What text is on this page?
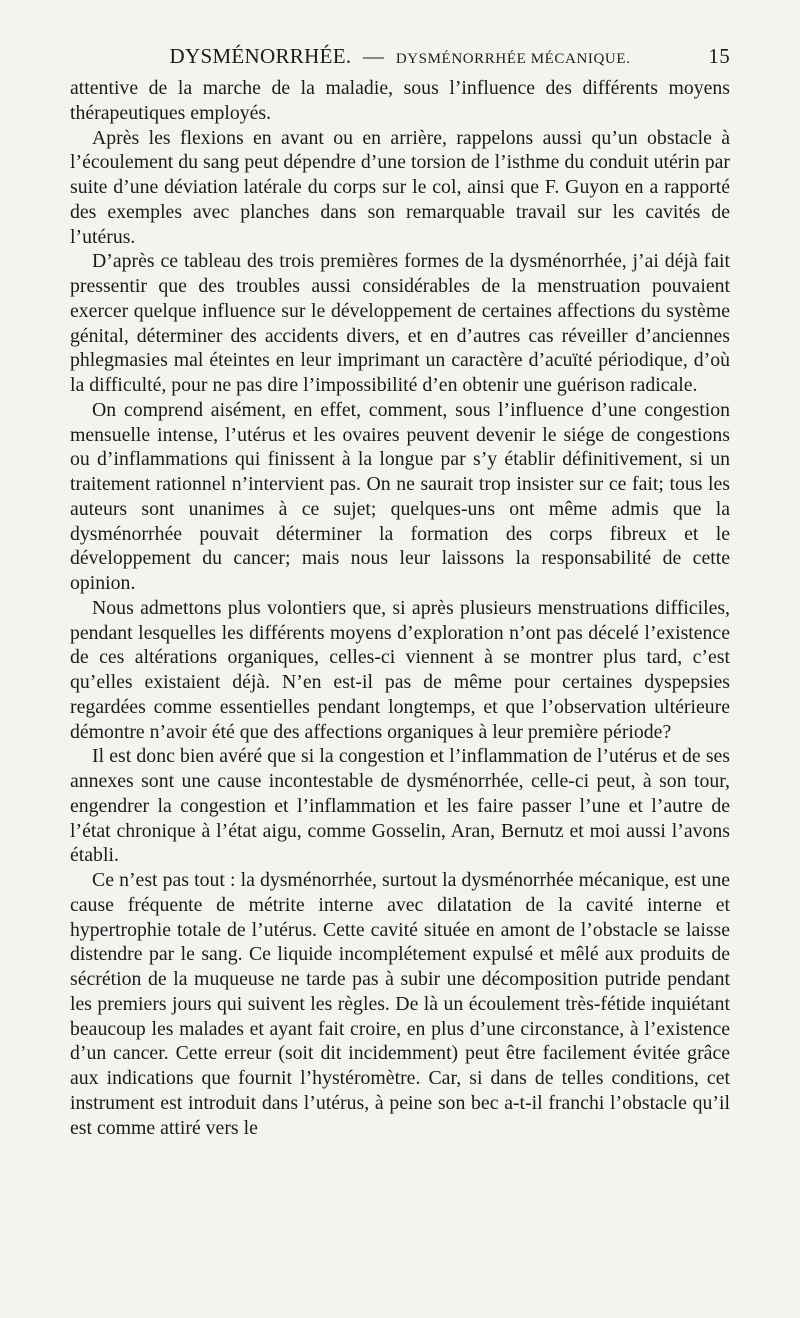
DYSMÉNORRHÉE. — DYSMÉNORRHÉE MÉCANIQUE.	15

attentive de la marche de la maladie, sous l’influence des différents moyens thérapeutiques employés.

Après les flexions en avant ou en arrière, rappelons aussi qu’un obstacle à l’écoulement du sang peut dépendre d’une torsion de l’isthme du conduit utérin par suite d’une déviation latérale du corps sur le col, ainsi que F. Guyon en a rapporté des exemples avec planches dans son remarquable travail sur les cavités de l’utérus.

D’après ce tableau des trois premières formes de la dysménorrhée, j’ai déjà fait pressentir que des troubles aussi considérables de la menstruation pouvaient exercer quelque influence sur le développement de certaines affections du système génital, déterminer des accidents divers, et en d’autres cas réveiller d’anciennes phlegmasies mal éteintes en leur imprimant un caractère d’acuïté périodique, d’où la difficulté, pour ne pas dire l’impossibilité d’en obtenir une guérison radicale.

On comprend aisément, en effet, comment, sous l’influence d’une congestion mensuelle intense, l’utérus et les ovaires peuvent devenir le siége de congestions ou d’inflammations qui finissent à la longue par s’y établir définitivement, si un traitement rationnel n’intervient pas. On ne saurait trop insister sur ce fait; tous les auteurs sont unanimes à ce sujet; quelques-uns ont même admis que la dysménorrhée pouvait déterminer la formation des corps fibreux et le développement du cancer; mais nous leur laissons la responsabilité de cette opinion.

Nous admettons plus volontiers que, si après plusieurs menstruations difficiles, pendant lesquelles les différents moyens d’exploration n’ont pas décelé l’existence de ces altérations organiques, celles-ci viennent à se montrer plus tard, c’est qu’elles existaient déjà. N’en est-il pas de même pour certaines dyspepsies regardées comme essentielles pendant longtemps, et que l’observation ultérieure démontre n’avoir été que des affections organiques à leur première période?

Il est donc bien avéré que si la congestion et l’inflammation de l’utérus et de ses annexes sont une cause incontestable de dysménorrhée, celle-ci peut, à son tour, engendrer la congestion et l’inflammation et les faire passer l’une et l’autre de l’état chronique à l’état aigu, comme Gosselin, Aran, Bernutz et moi aussi l’avons établi.

Ce n’est pas tout : la dysménorrhée, surtout la dysménorrhée mécanique, est une cause fréquente de métrite interne avec dilatation de la cavité interne et hypertrophie totale de l’utérus. Cette cavité située en amont de l’obstacle se laisse distendre par le sang. Ce liquide incomplétement expulsé et mêlé aux produits de sécrétion de la muqueuse ne tarde pas à subir une décomposition putride pendant les premiers jours qui suivent les règles. De là un écoulement très-fétide inquiétant beaucoup les malades et ayant fait croire, en plus d’une circonstance, à l’existence d’un cancer. Cette erreur (soit dit incidemment) peut être facilement évitée grâce aux indications que fournit l’hystéromètre. Car, si dans de telles conditions, cet instrument est introduit dans l’utérus, à peine son bec a-t-il franchi l’obstacle qu’il est comme attiré vers le
